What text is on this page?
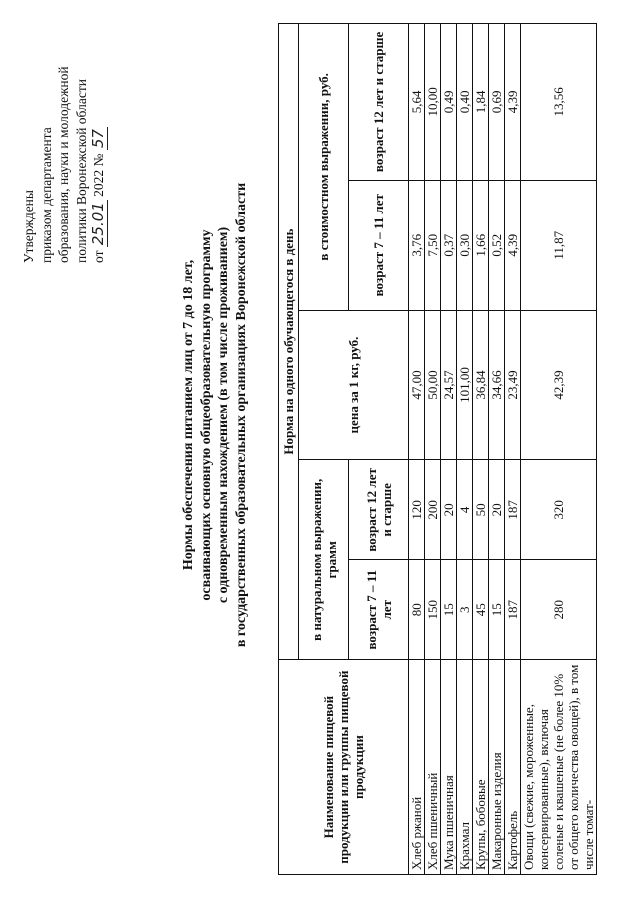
Утверждены приказом департамента образования, науки и молодежной политики Воронежской области от 25.01 2022 № 57
Нормы обеспечения питанием лиц от 7 до 18 лет, осваивающих основную общеобразовательную программу с одновременным нахождением (в том числе проживанием) в государственных образовательных организациях Воронежской области
Наименование пищевой продукции или группы пищевой продукции	Норма на одного обучающегося в день				
	в натуральном выражении, грамм		цена за 1 кг, руб.	в стоимостном выражении, руб.	
	возраст 7 – 11 лет	возраст 12 лет и старше		возраст 7 – 11 лет	возраст 12 лет и старше
Хлеб ржаной	80	120	47,00	3,76	5,64
Хлеб пшеничный	150	200	50,00	7,50	10,00
Мука пшеничная	15	20	24,57	0,37	0,49
Крахмал	3	4	101,00	0,30	0,40
Крупы, бобовые	45	50	36,84	1,66	1,84
Макаронные изделия	15	20	34,66	0,52	0,69
Картофель	187	187	23,49	4,39	4,39
Овощи (свежие, мороженные, консервированные), включая соленые и квашеные (не более 10% от общего количества овощей), в том числе томат-	280	320	42,39	11,87	13,56
